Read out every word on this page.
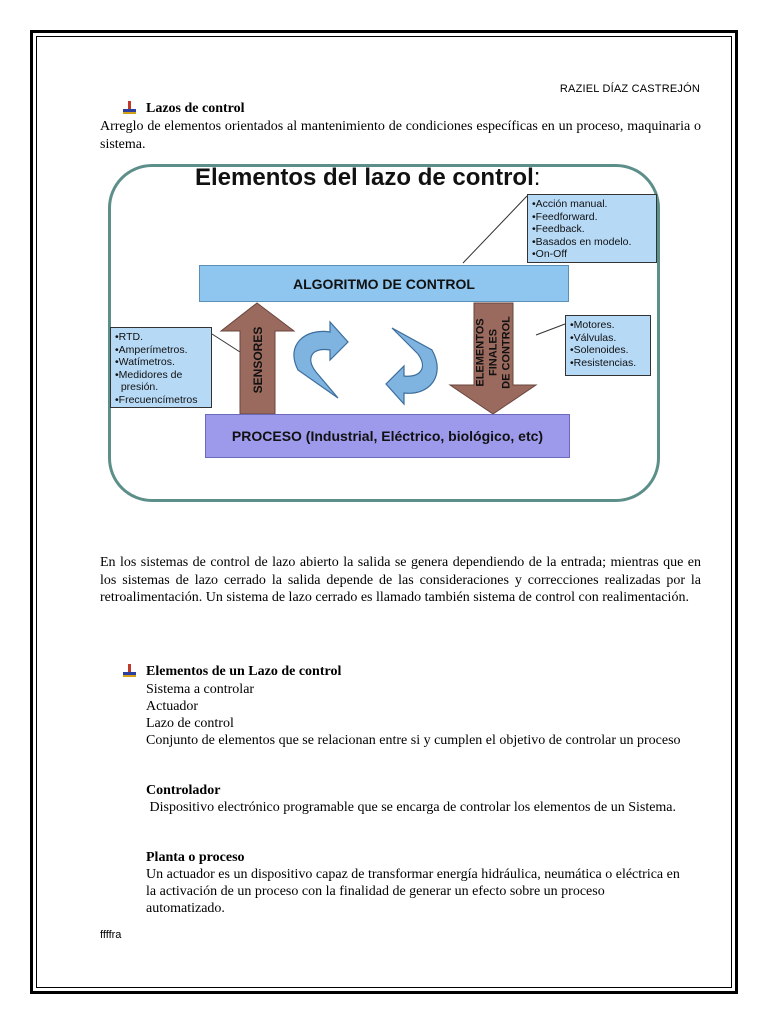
RAZIEL DÍAZ CASTREJÓN
Lazos de control
Arreglo de elementos orientados al mantenimiento de condiciones específicas en un proceso, maquinaria o sistema.
Elementos del lazo de control:
ALGORITMO DE CONTROL
PROCESO (Industrial, Eléctrico, biológico, etc)
SENSORES	ELEMENTOS FINALES DE CONTROL
•Acción manual.
•Feedforward.
•Feedback.
•Basados en modelo.
•On-Off
•RTD.
•Amperímetros.
•Watímetros.
•Medidores de
presión.
•Frecuencímetros
•Motores.
•Válvulas.
•Solenoides.
•Resistencias.
En los sistemas de control de lazo abierto la salida se genera dependiendo de la entrada; mientras que en los sistemas de lazo cerrado la salida depende de las consideraciones y correcciones realizadas por la retroalimentación. Un sistema de lazo cerrado es llamado también sistema de control con realimentación.
Elementos de un Lazo de control
Sistema a controlar
Actuador
Lazo de control
Conjunto de elementos que se relacionan entre si y cumplen el objetivo de controlar un proceso
Controlador
Dispositivo electrónico programable que se encarga de controlar los elementos de un Sistema.
Planta o proceso
Un actuador es un dispositivo capaz de transformar energía hidráulica, neumática o eléctrica en la activación de un proceso con la finalidad de generar un efecto sobre un proceso automatizado.
ffffra
